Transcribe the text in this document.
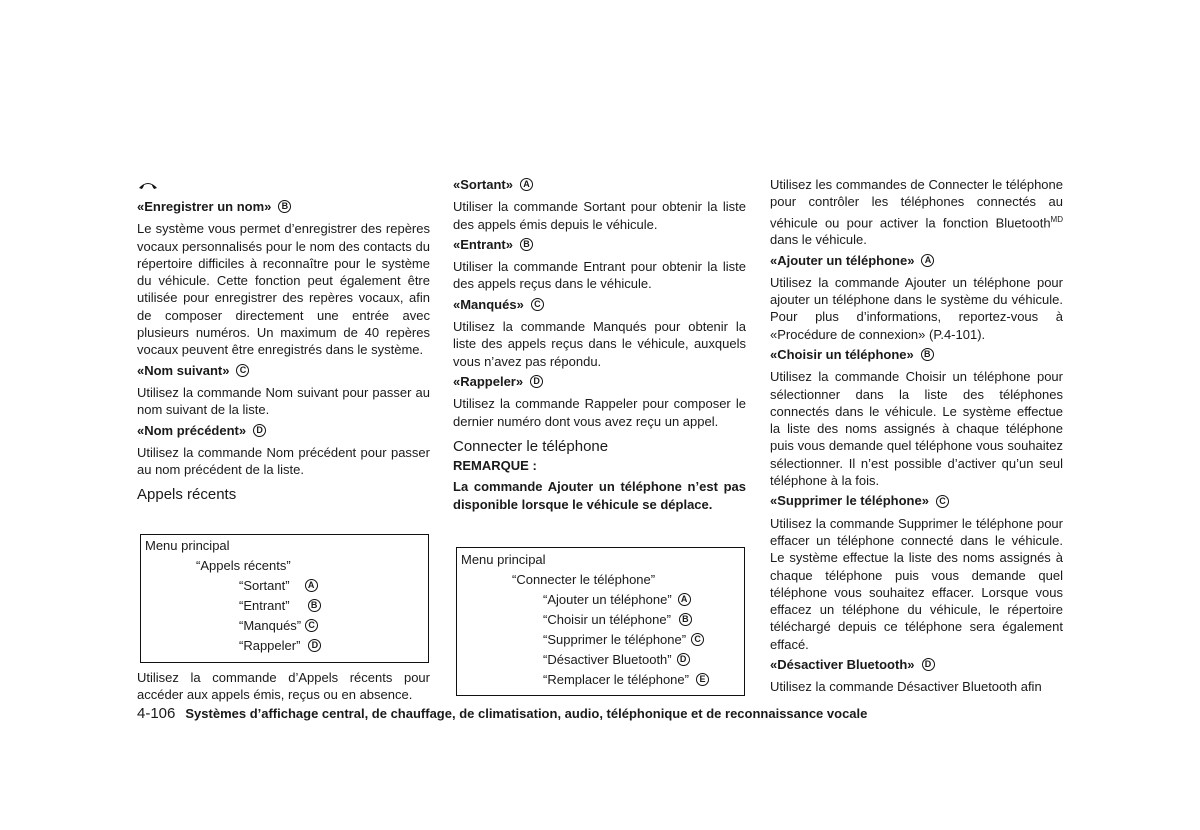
«Enregistrer un nom»	B

Le système vous permet d’enregistrer des repères vocaux personnalisés pour le nom des contacts du répertoire difficiles à reconnaître pour le système du véhicule. Cette fonction peut également être utilisée pour enregistrer des repères vocaux, afin de composer directement une entrée avec plusieurs numéros. Un maximum de 40 repères vocaux peuvent être enregistrés dans le système.

«Nom suivant»	C

Utilisez la commande Nom suivant pour passer au nom suivant de la liste.

«Nom précédent»	D

Utilisez la commande Nom précédent pour passer au nom précédent de la liste.

Appels récents

Menu principal
“Appels récents”
“Sortant”	A
“Entrant”	B
“Manqués” C
“Rappeler”	D

Utilisez la commande d’Appels récents pour accéder aux appels émis, reçus ou en absence.

«Sortant»	A

Utiliser la commande Sortant pour obtenir la liste des appels émis depuis le véhicule.

«Entrant»	B

Utiliser la commande Entrant pour obtenir la liste des appels reçus dans le véhicule.

«Manqués»	C

Utilisez la commande Manqués pour obtenir la liste des appels reçus dans le véhicule, auxquels vous n’avez pas répondu.

«Rappeler»	D

Utilisez la commande Rappeler pour composer le dernier numéro dont vous avez reçu un appel.

Connecter le téléphone

REMARQUE :

La commande Ajouter un téléphone n’est pas disponible lorsque le véhicule se déplace.

Menu principal
“Connecter le téléphone”
“Ajouter un téléphone”	A
“Choisir un téléphone”	B
“Supprimer le téléphone” C
“Désactiver Bluetooth” D
“Remplacer le téléphone”	E

Utilisez les commandes de Connecter le téléphone pour contrôler les téléphones connectés au véhicule ou pour activer la fonction Bluetooth$^{MD}$ dans le véhicule.

«Ajouter un téléphone»	A

Utilisez la commande Ajouter un téléphone pour ajouter un téléphone dans le système du véhicule. Pour plus d’informations, reportez-vous à «Procédure de connexion» (P.4-101).

«Choisir un téléphone»	B

Utilisez la commande Choisir un téléphone pour sélectionner dans la liste des téléphones connectés dans le véhicule. Le système effectue la liste des noms assignés à chaque téléphone puis vous demande quel téléphone vous souhaitez sélectionner. Il n’est possible d’activer qu’un seul téléphone à la fois.

«Supprimer le téléphone»	C

Utilisez la commande Supprimer le téléphone pour effacer un téléphone connecté dans le véhicule. Le système effectue la liste des noms assignés à chaque téléphone puis vous demande quel téléphone vous souhaitez effacer. Lorsque vous effacez un téléphone du véhicule, le répertoire téléchargé depuis ce téléphone sera également effacé.

«Désactiver Bluetooth»	D

Utilisez la commande Désactiver Bluetooth afin

4-106 Systèmes d’affichage central, de chauffage, de climatisation, audio, téléphonique et de reconnaissance vocale
